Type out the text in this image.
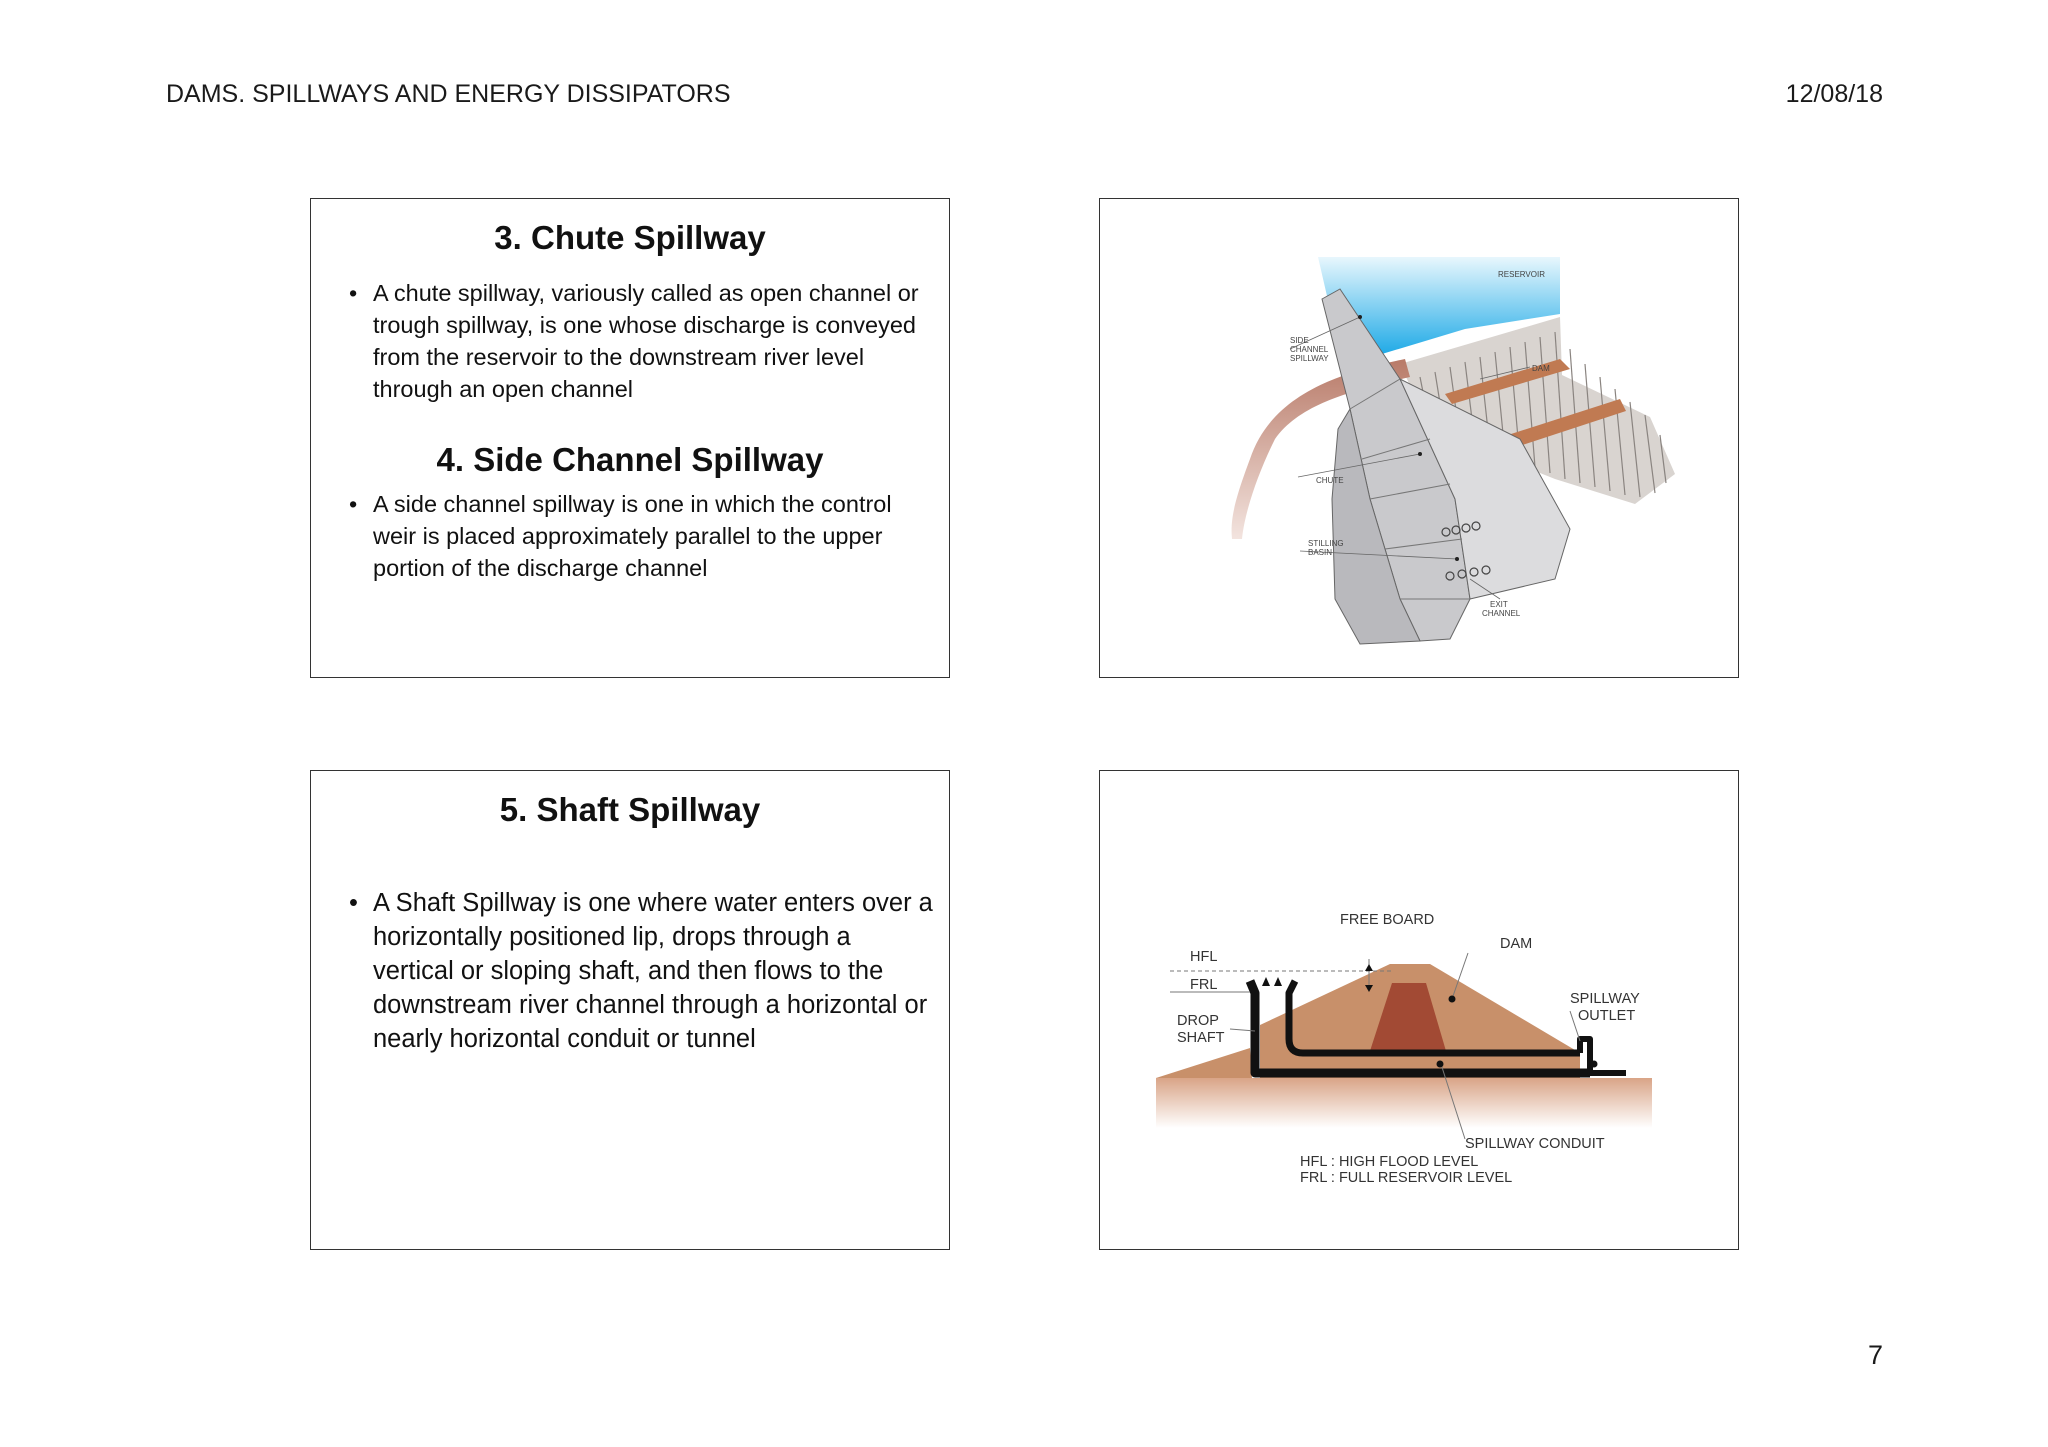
DAMS. SPILLWAYS AND ENERGY DISSIPATORS	12/08/18
3. Chute Spillway
• A chute spillway, variously called as open channel or trough spillway, is one whose discharge is conveyed from the reservoir to the downstream river level through an open channel
4. Side Channel Spillway
• A side channel spillway is one in which the control weir is placed approximately parallel to the upper portion of the discharge channel
RESERVOIR
SIDE
CHANNEL
SPILLWAY
DAM
CHUTE
STILLING
BASIN
EXIT
CHANNEL
5. Shaft Spillway
• A Shaft Spillway is one where water enters over a horizontally positioned lip, drops through a vertical or sloping shaft, and then flows to the downstream river channel through a horizontal or nearly horizontal conduit or tunnel
FREE BOARD
DAM
HFL
FRL
DROP
SHAFT
SPILLWAY
OUTLET
SPILLWAY CONDUIT
HFL : HIGH FLOOD LEVEL
FRL : FULL RESERVOIR LEVEL
7
